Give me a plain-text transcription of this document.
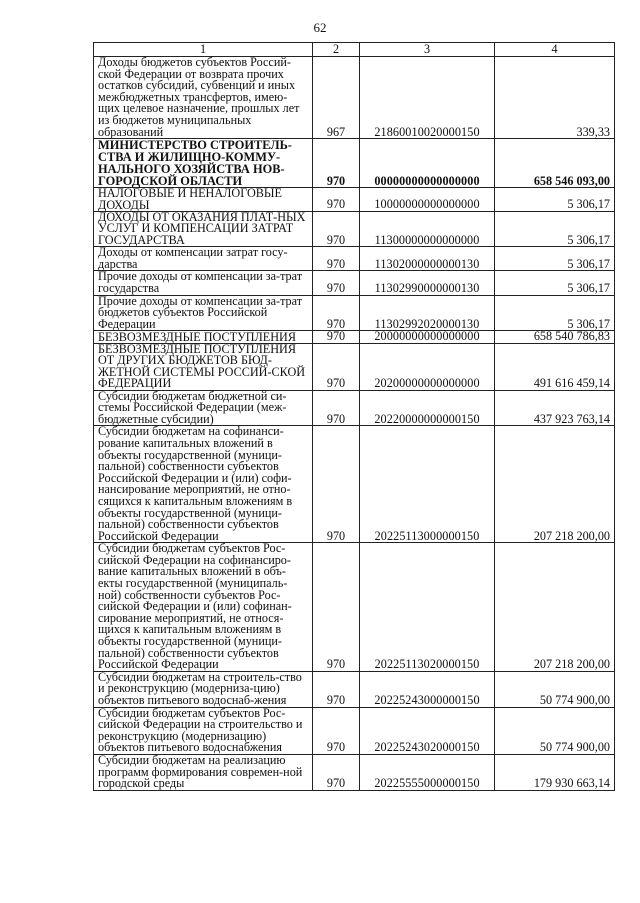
62
1	2	3	4
Доходы бюджетов субъектов Россий-ской Федерации от возврата прочих остатков субсидий, субвенций и иных межбюджетных трансфертов, имею-щих целевое назначение, прошлых лет из бюджетов муниципальных образований	967	21860010020000150	339,33
МИНИСТЕРСТВО СТРОИТЕЛЬ-СТВА И ЖИЛИЩНО-КОММУ-НАЛЬНОГО ХОЗЯЙСТВА НОВ-ГОРОДСКОЙ ОБЛАСТИ	970	00000000000000000	658 546 093,00
НАЛОГОВЫЕ И НЕНАЛОГОВЫЕ ДОХОДЫ	970	10000000000000000	5 306,17
ДОХОДЫ ОТ ОКАЗАНИЯ ПЛАТ-НЫХ УСЛУГ И КОМПЕНСАЦИИ ЗАТРАТ ГОСУДАРСТВА	970	11300000000000000	5 306,17
Доходы от компенсации затрат госу-дарства	970	11302000000000130	5 306,17
Прочие доходы от компенсации за-трат государства	970	11302990000000130	5 306,17
Прочие доходы от компенсации за-трат бюджетов субъектов Российской Федерации	970	11302992020000130	5 306,17
БЕЗВОЗМЕЗДНЫЕ ПОСТУПЛЕНИЯ	970	20000000000000000	658 540 786,83
БЕЗВОЗМЕЗДНЫЕ ПОСТУПЛЕНИЯ ОТ ДРУГИХ БЮДЖЕТОВ БЮД-ЖЕТНОЙ СИСТЕМЫ РОССИЙ-СКОЙ ФЕДЕРАЦИИ	970	20200000000000000	491 616 459,14
Субсидии бюджетам бюджетной си-стемы Российской Федерации (меж-бюджетные субсидии)	970	20220000000000150	437 923 763,14
Субсидии бюджетам на софинанси-рование капитальных вложений в объекты государственной (муници-пальной) собственности субъектов Российской Федерации и (или) софи-нансирование мероприятий, не отно-сящихся к капитальным вложениям в объекты государственной (муници-пальной) собственности субъектов Российской Федерации	970	20225113000000150	207 218 200,00
Субсидии бюджетам субъектов Рос-сийской Федерации на софинансиро-вание капитальных вложений в объ-екты государственной (муниципаль-ной) собственности субъектов Рос-сийской Федерации и (или) софинан-сирование мероприятий, не относя-щихся к капитальным вложениям в объекты государственной (муници-пальной) собственности субъектов Российской Федерации	970	20225113020000150	207 218 200,00
Субсидии бюджетам на строитель-ство и реконструкцию (модерниза-цию) объектов питьевого водоснаб-жения	970	20225243000000150	50 774 900,00
Субсидии бюджетам субъектов Рос-сийской Федерации на строительство и реконструкцию (модернизацию) объектов питьевого водоснабжения	970	20225243020000150	50 774 900,00
Субсидии бюджетам на реализацию программ формирования современ-ной городской среды	970	20225555000000150	179 930 663,14
